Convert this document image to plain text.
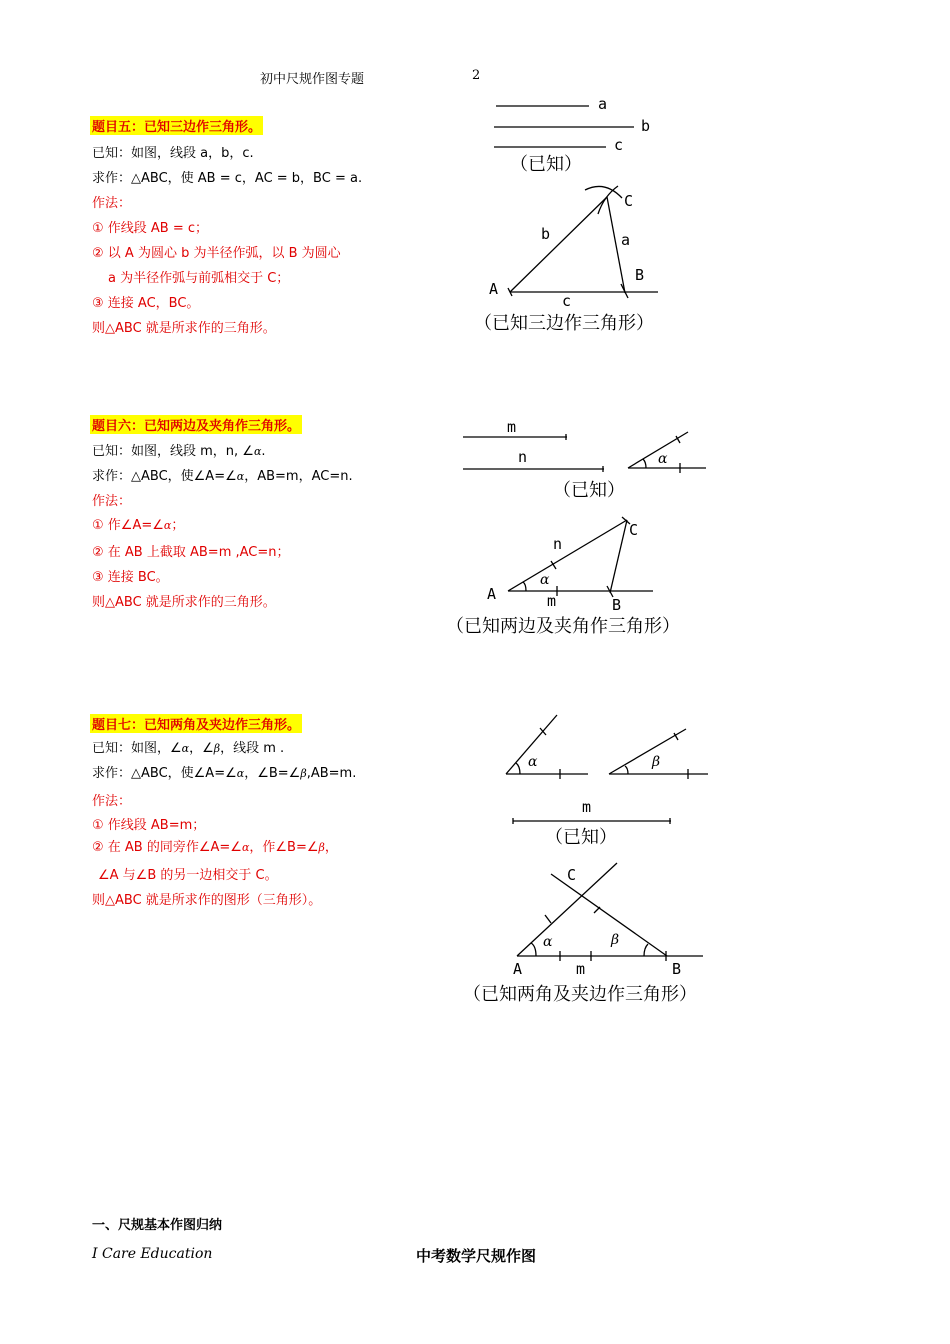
初中尺规作图专题	2
题目五：已知三边作三角形。
已知：如图，线段 a，b，c.
求作：△ABC，使 AB = c，AC = b，BC = a.
作法：
① 作线段 AB = c；
② 以 A 为圆心 b 为半径作弧，以 B 为圆心
a 为半径作弧与前弧相交于 C；
③ 连接 AC，BC。
则△ABC 就是所求作的三角形。
题目六：已知两边及夹角作三角形。
已知：如图，线段 m，n, ∠α.
求作：△ABC，使∠A=∠α，AB=m，AC=n.
作法：
① 作∠A=∠α；
② 在 AB 上截取 AB=m ,AC=n；
③ 连接 BC。
则△ABC 就是所求作的三角形。
题目七：已知两角及夹边作三角形。
已知：如图，∠α，∠β，线段 m .
求作：△ABC，使∠A=∠α，∠B=∠β,AB=m.
作法：
① 作线段 AB=m；
② 在 AB 的同旁作∠A=∠α，作∠B=∠β，
∠A 与∠B 的另一边相交于 C。
则△ABC 就是所求作的图形（三角形）。
一、尺规基本作图归纳
I Care Education	中考数学尺规作图
a
b
c
（已知）
A
B
C
b	a
c
（已知三边作三角形）
m
n	α
（已知）
A
B
C
n
m
α
（已知两边及夹角作三角形）
α	β
m
（已知）
A	B
C
α	β
m
（已知两角及夹边作三角形）
